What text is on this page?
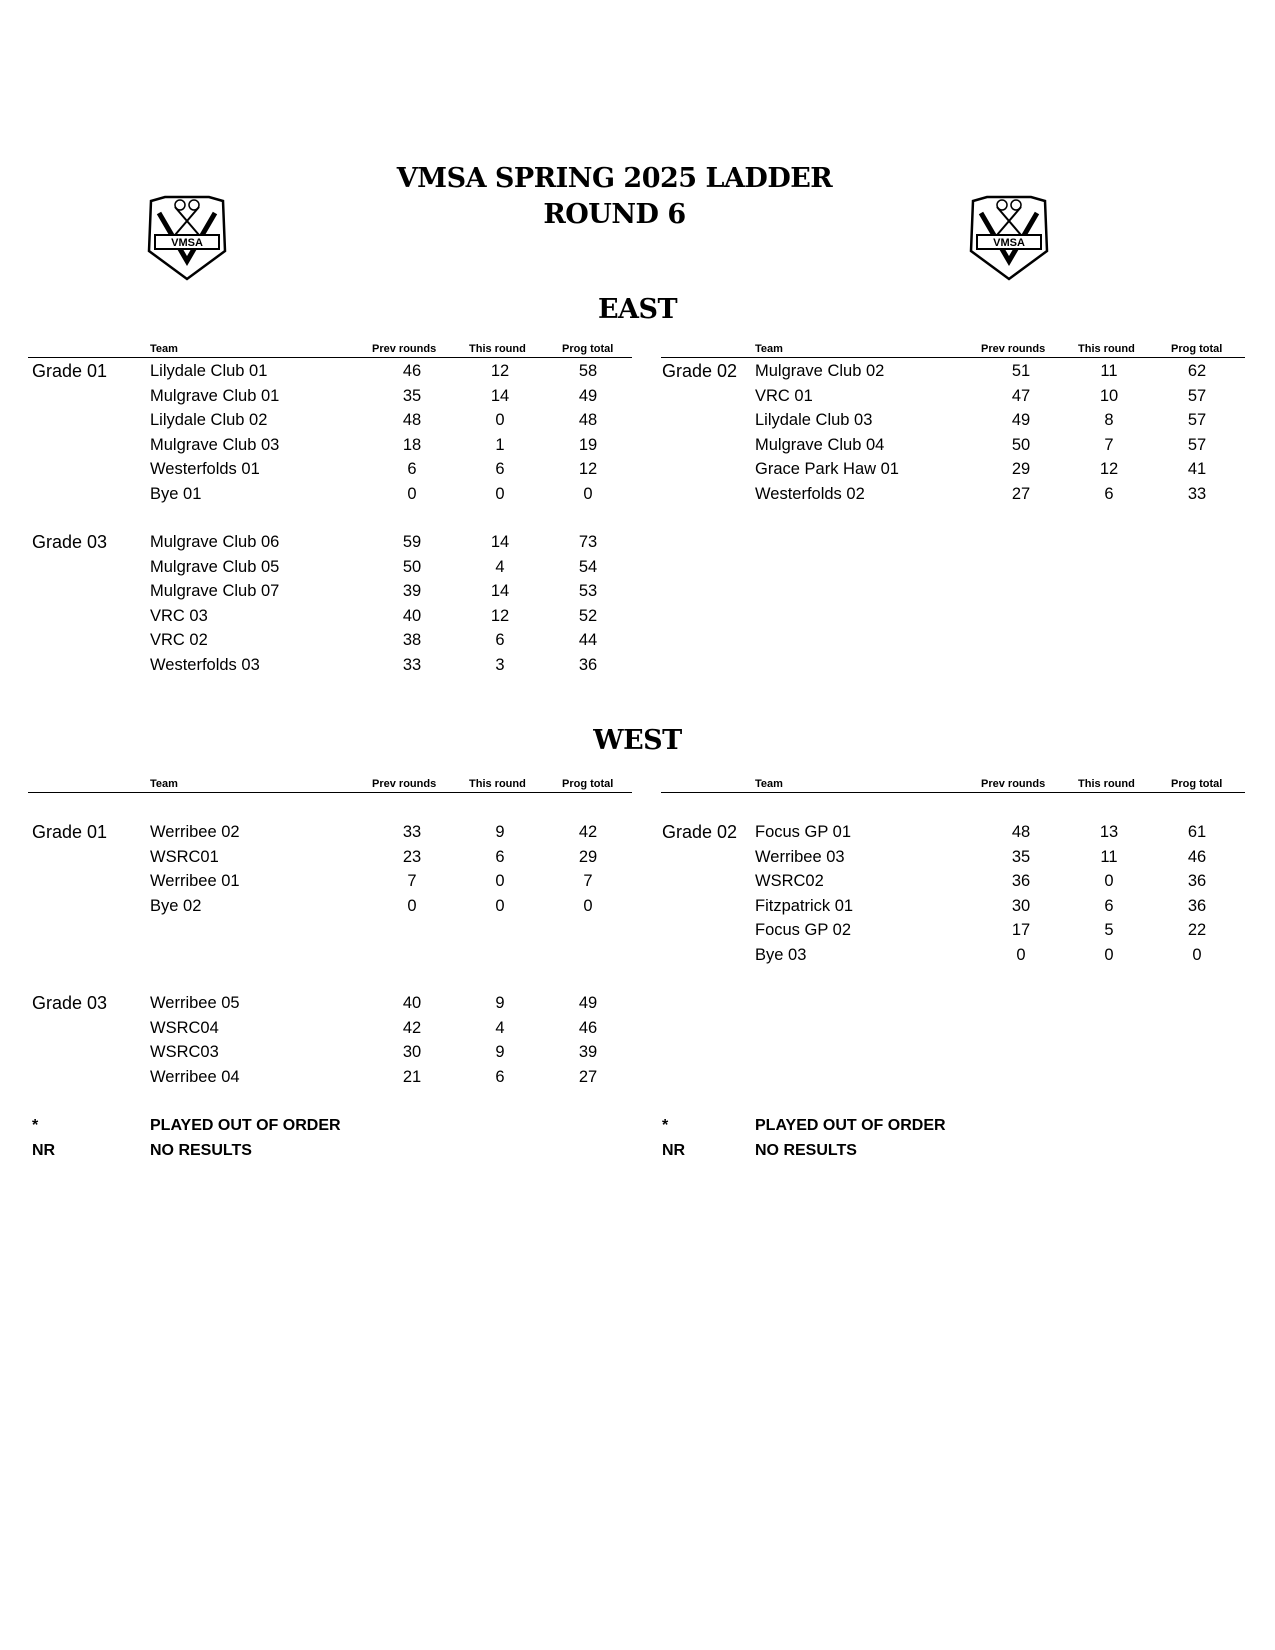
VMSA SPRING 2025 LADDER
ROUND 6
VMSA	VMSA
EAST
WEST
Team	Prev rounds	This round	Prog total	Team	Prev rounds	This round	Prog total
Grade 01	Lilydale Club 01	46	12	58
Mulgrave Club 01	35	14	49
Lilydale Club 02	48	0	48
Mulgrave Club 03	18	1	19
Westerfolds 01	6	6	12
Bye 01	0	0	0
Grade 02 Mulgrave Club 02	51	11	62
VRC 01	47	10	57
Lilydale Club 03	49	8	57
Mulgrave Club 04	50	7	57
Grace Park Haw 01	29	12	41
Westerfolds 02	27	6	33
Grade 03	Mulgrave Club 06	59	14	73
Mulgrave Club 05	50	4	54
Mulgrave Club 07	39	14	53
VRC 03	40	12	52
VRC 02	38	6	44
Westerfolds 03	33	3	36
Team	Prev rounds	This round	Prog total	Team	Prev rounds	This round	Prog total
Grade 01	Werribee 02	33	9	42
WSRC01	23	6	29
Werribee 01	7	0	7
Bye 02	0	0	0
Grade 02 Focus GP 01	48	13	61
Werribee 03	35	11	46
WSRC02	36	0	36
Fitzpatrick 01	30	6	36
Focus GP 02	17	5	22
Bye 03	0	0	0
Grade 03	Werribee 05	40	9	49
WSRC04	42	4	46
WSRC03	30	9	39
Werribee 04	21	6	27
*	PLAYED OUT OF ORDER
NR	NO RESULTS
*	PLAYED OUT OF ORDER
NR	NO RESULTS
